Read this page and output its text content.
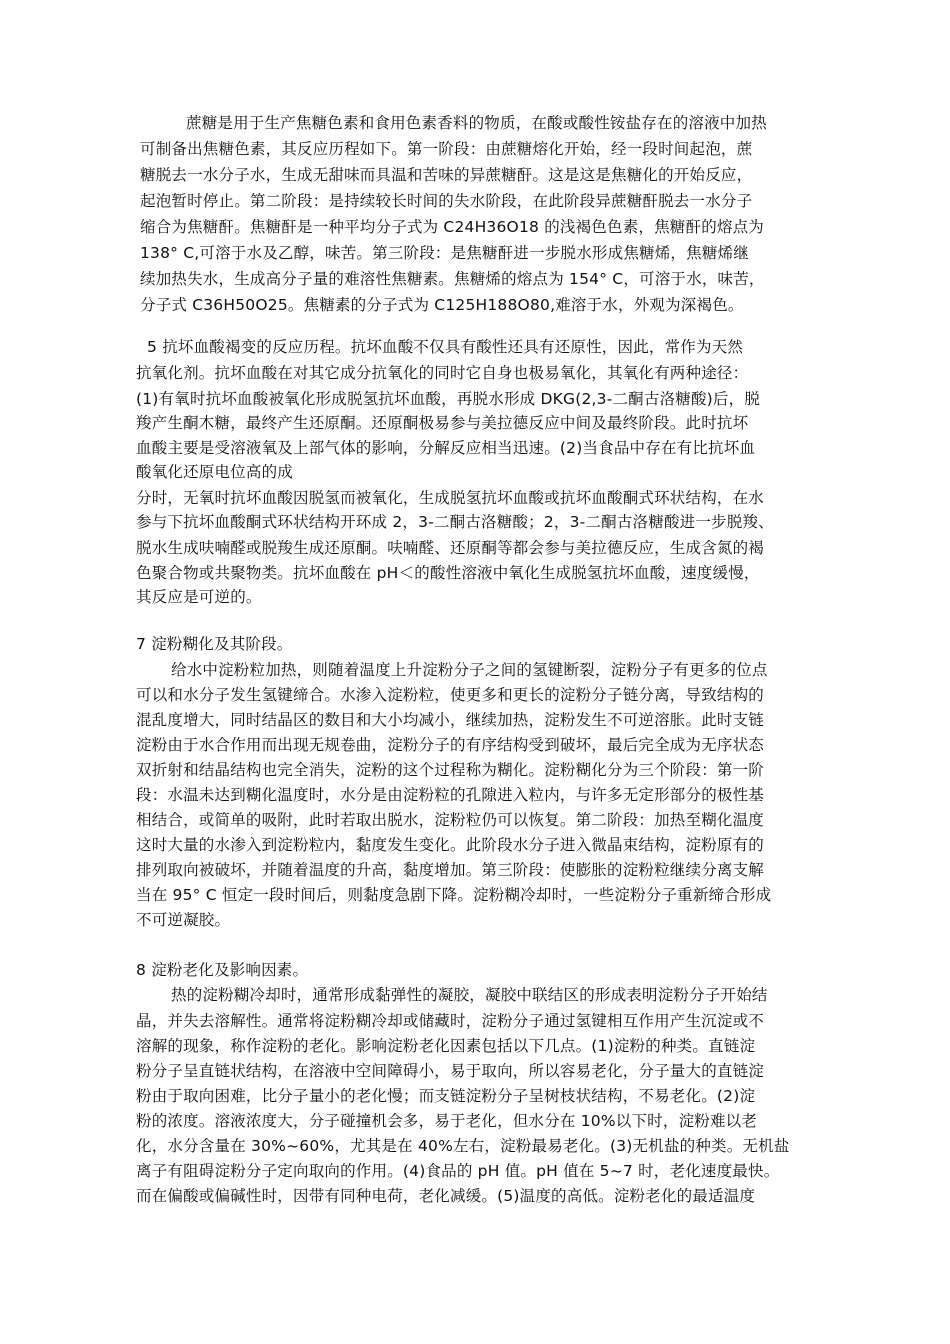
蔗糖是用于生产焦糖色素和食用色素香料的物质，在酸或酸性铵盐存在的溶液中加热
可制备出焦糖色素，其反应历程如下。第一阶段：由蔗糖熔化开始，经一段时间起泡，蔗
糖脱去一水分子水，生成无甜味而具温和苦味的异蔗糖酐。这是这是焦糖化的开始反应，
起泡暂时停止。第二阶段：是持续较长时间的失水阶段，在此阶段异蔗糖酐脱去一水分子
缩合为焦糖酐。焦糖酐是一种平均分子式为 C24H36O18 的浅褐色色素，焦糖酐的熔点为
138° C,可溶于水及乙醇，味苦。第三阶段：是焦糖酐进一步脱水形成焦糖烯，焦糖烯继
续加热失水，生成高分子量的难溶性焦糖素。焦糖烯的熔点为 154° C，可溶于水，味苦，
分子式 C36H50O25。焦糖素的分子式为 C125H188O80,难溶于水，外观为深褐色。
5 抗坏血酸褐变的反应历程。抗坏血酸不仅具有酸性还具有还原性，因此，常作为天然
抗氧化剂。抗坏血酸在对其它成分抗氧化的同时它自身也极易氧化，其氧化有两种途径：
(1)有氧时抗坏血酸被氧化形成脱氢抗坏血酸，再脱水形成 DKG(2,3-二酮古洛糖酸)后，脱
羧产生酮木糖，最终产生还原酮。还原酮极易参与美拉德反应中间及最终阶段。此时抗坏
血酸主要是受溶液氧及上部气体的影响，分解反应相当迅速。(2)当食品中存在有比抗坏血
酸氧化还原电位高的成
分时，无氧时抗坏血酸因脱氢而被氧化，生成脱氢抗坏血酸或抗坏血酸酮式环状结构，在水
参与下抗坏血酸酮式环状结构开环成 2，3-二酮古洛糖酸；2，3-二酮古洛糖酸进一步脱羧、
脱水生成呋喃醛或脱羧生成还原酮。呋喃醛、还原酮等都会参与美拉德反应，生成含氮的褐
色聚合物或共聚物类。抗坏血酸在 pH＜的酸性溶液中氧化生成脱氢抗坏血酸，速度缓慢，
其反应是可逆的。
7 淀粉糊化及其阶段。
给水中淀粉粒加热，则随着温度上升淀粉分子之间的氢键断裂，淀粉分子有更多的位点
可以和水分子发生氢键缔合。水渗入淀粉粒，使更多和更长的淀粉分子链分离，导致结构的
混乱度增大，同时结晶区的数目和大小均减小，继续加热，淀粉发生不可逆溶胀。此时支链
淀粉由于水合作用而出现无规卷曲，淀粉分子的有序结构受到破坏，最后完全成为无序状态
双折射和结晶结构也完全消失，淀粉的这个过程称为糊化。淀粉糊化分为三个阶段：第一阶
段：水温未达到糊化温度时，水分是由淀粉粒的孔隙进入粒内，与许多无定形部分的极性基
相结合，或简单的吸附，此时若取出脱水，淀粉粒仍可以恢复。第二阶段：加热至糊化温度
这时大量的水渗入到淀粉粒内，黏度发生变化。此阶段水分子进入微晶束结构，淀粉原有的
排列取向被破坏，并随着温度的升高，黏度增加。第三阶段：使膨胀的淀粉粒继续分离支解
当在 95° C 恒定一段时间后，则黏度急剧下降。淀粉糊冷却时，一些淀粉分子重新缔合形成
不可逆凝胶。
8 淀粉老化及影响因素。
热的淀粉糊冷却时，通常形成黏弹性的凝胶，凝胶中联结区的形成表明淀粉分子开始结
晶，并失去溶解性。通常将淀粉糊冷却或储藏时，淀粉分子通过氢键相互作用产生沉淀或不
溶解的现象，称作淀粉的老化。影响淀粉老化因素包括以下几点。(1)淀粉的种类。直链淀
粉分子呈直链状结构，在溶液中空间障碍小，易于取向，所以容易老化，分子量大的直链淀
粉由于取向困难，比分子量小的老化慢；而支链淀粉分子呈树枝状结构，不易老化。(2)淀
粉的浓度。溶液浓度大，分子碰撞机会多，易于老化，但水分在 10%以下时，淀粉难以老
化，水分含量在 30%~60%，尤其是在 40%左右，淀粉最易老化。(3)无机盐的种类。无机盐
离子有阻碍淀粉分子定向取向的作用。(4)食品的 pH 值。pH 值在 5~7 时，老化速度最快。
而在偏酸或偏碱性时，因带有同种电荷，老化减缓。(5)温度的高低。淀粉老化的最适温度
